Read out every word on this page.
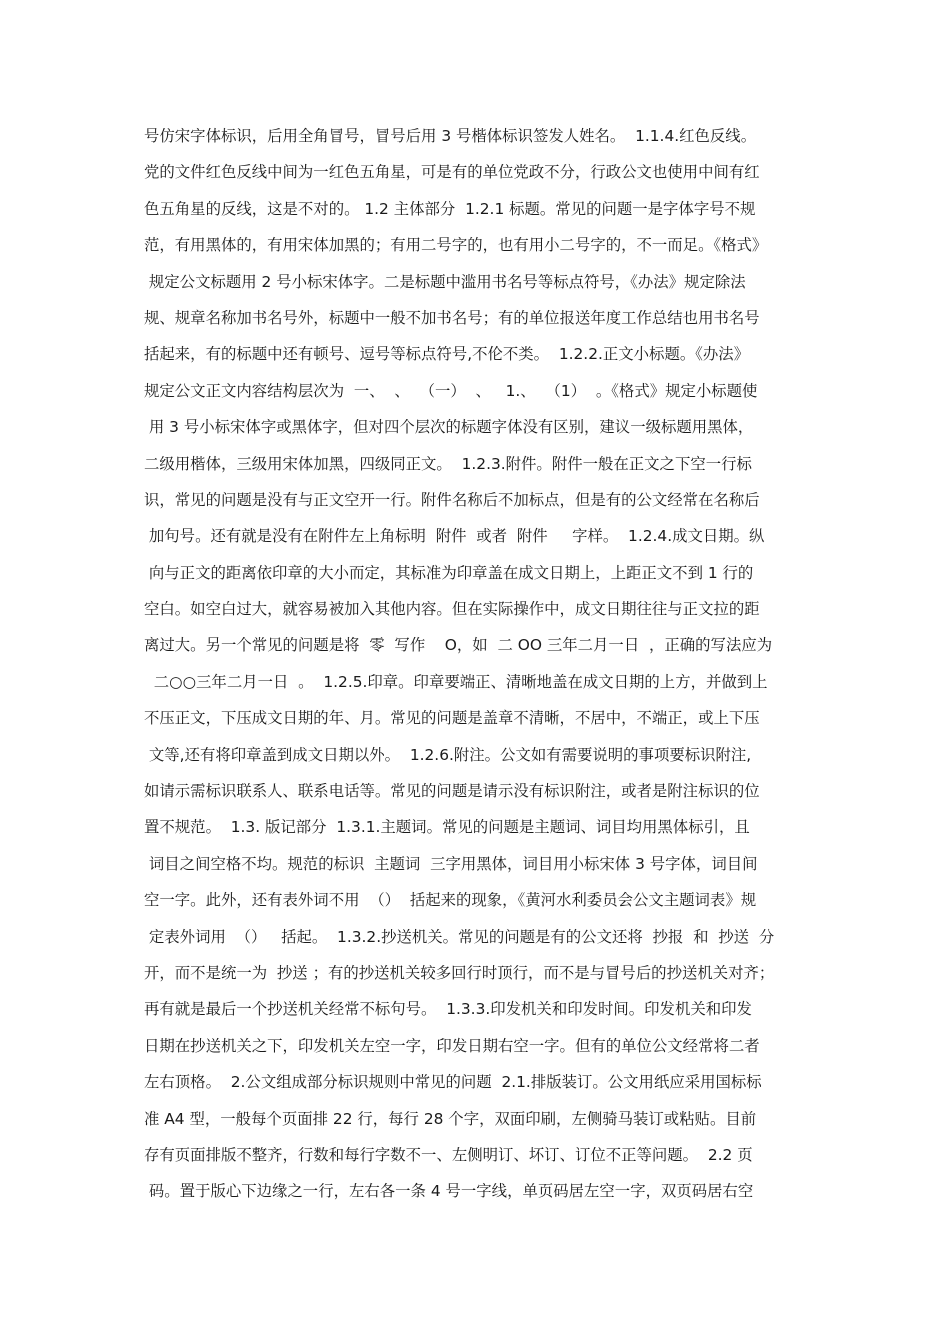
号仿宋字体标识，后用全角冒号，冒号后用 3 号楷体标识签发人姓名。  1.1.4.红色反线。
党的文件红色反线中间为一红色五角星，可是有的单位党政不分，行政公文也使用中间有红
色五角星的反线，这是不对的。 1.2 主体部分  1.2.1 标题。常见的问题一是字体字号不规
范，有用黑体的，有用宋体加黑的；有用二号字的，也有用小二号字的，不一而足。《格式》
规定公文标题用 2 号小标宋体字。二是标题中滥用书名号等标点符号，《办法》规定除法
规、规章名称加书名号外，标题中一般不加书名号；有的单位报送年度工作总结也用书名号
括起来，有的标题中还有顿号、逗号等标点符号,不伦不类。  1.2.2.正文小标题。《办法》
规定公文正文内容结构层次为  一、  、  （一）  、   1.、  （1）  。《格式》规定小标题使
用 3 号小标宋体字或黑体字，但对四个层次的标题字体没有区别，建议一级标题用黑体，
二级用楷体，三级用宋体加黑，四级同正文。  1.2.3.附件。附件一般在正文之下空一行标
识，常见的问题是没有与正文空开一行。附件名称后不加标点，但是有的公文经常在名称后
加句号。还有就是没有在附件左上角标明  附件  或者  附件     字样。  1.2.4.成文日期。纵
向与正文的距离依印章的大小而定，其标准为印章盖在成文日期上，上距正文不到 1 行的
空白。如空白过大，就容易被加入其他内容。但在实际操作中，成文日期往往与正文拉的距
离过大。另一个常见的问题是将  零  写作    O，如  二 OO 三年二月一日  ，正确的写法应为
二○○三年二月一日  。  1.2.5.印章。印章要端正、清晰地盖在成文日期的上方，并做到上
不压正文，下压成文日期的年、月。常见的问题是盖章不清晰，不居中，不端正，或上下压
文等,还有将印章盖到成文日期以外。  1.2.6.附注。公文如有需要说明的事项要标识附注,
如请示需标识联系人、联系电话等。常见的问题是请示没有标识附注，或者是附注标识的位
置不规范。  1.3. 版记部分  1.3.1.主题词。常见的问题是主题词、词目均用黑体标引，且
词目之间空格不均。规范的标识  主题词  三字用黑体，词目用小标宋体 3 号字体，词目间
空一字。此外，还有表外词不用  （）  括起来的现象，《黄河水利委员会公文主题词表》规
定表外词用  （）   括起。  1.3.2.抄送机关。常见的问题是有的公文还将  抄报  和  抄送  分
开，而不是统一为  抄送 ；有的抄送机关较多回行时顶行，而不是与冒号后的抄送机关对齐；
再有就是最后一个抄送机关经常不标句号。  1.3.3.印发机关和印发时间。印发机关和印发
日期在抄送机关之下，印发机关左空一字，印发日期右空一字。但有的单位公文经常将二者
左右顶格。  2.公文组成部分标识规则中常见的问题  2.1.排版装订。公文用纸应采用国标标
准 A4 型，一般每个页面排 22 行，每行 28 个字，双面印刷，左侧骑马装订或粘贴。目前
存有页面排版不整齐，行数和每行字数不一、左侧明订、坏订、订位不正等问题。  2.2 页
码。置于版心下边缘之一行，左右各一条 4 号一字线，单页码居左空一字，双页码居右空
